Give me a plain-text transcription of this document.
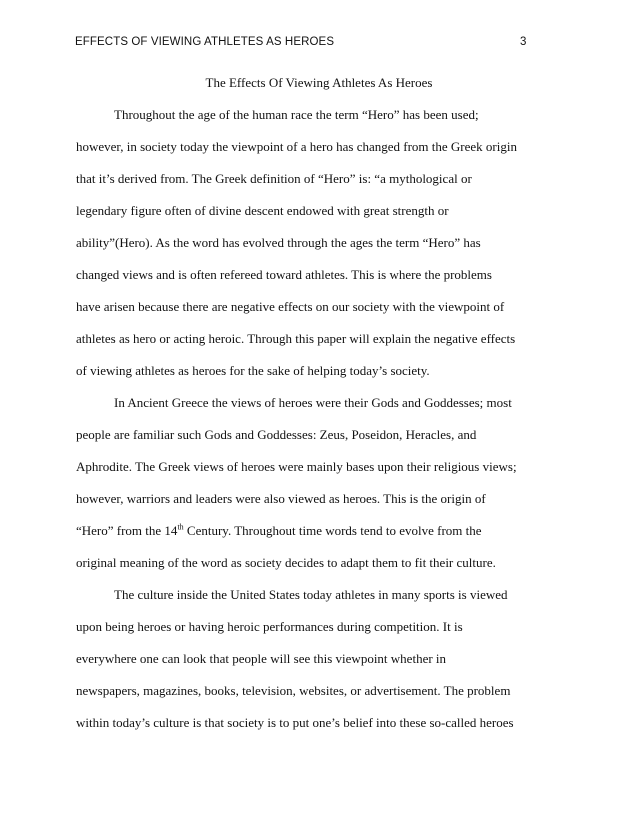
EFFECTS OF VIEWING ATHLETES AS HEROES	3
The Effects Of Viewing Athletes As Heroes
Throughout the age of the human race the term “Hero” has been used;
however, in society today the viewpoint of a hero has changed from the Greek origin
that it’s derived from. The Greek definition of “Hero” is: “a mythological or
legendary figure often of divine descent endowed with great strength or
ability”(Hero). As the word has evolved through the ages the term “Hero” has
changed views and is often refereed toward athletes. This is where the problems
have arisen because there are negative effects on our society with the viewpoint of
athletes as hero or acting heroic. Through this paper will explain the negative effects
of viewing athletes as heroes for the sake of helping today’s society.
In Ancient Greece the views of heroes were their Gods and Goddesses; most
people are familiar such Gods and Goddesses: Zeus, Poseidon, Heracles, and
Aphrodite. The Greek views of heroes were mainly bases upon their religious views;
however, warriors and leaders were also viewed as heroes. This is the origin of
“Hero” from the 14th Century. Throughout time words tend to evolve from the
original meaning of the word as society decides to adapt them to fit their culture.
The culture inside the United States today athletes in many sports is viewed
upon being heroes or having heroic performances during competition. It is
everywhere one can look that people will see this viewpoint whether in
newspapers, magazines, books, television, websites, or advertisement. The problem
within today’s culture is that society is to put one’s belief into these so-called heroes
